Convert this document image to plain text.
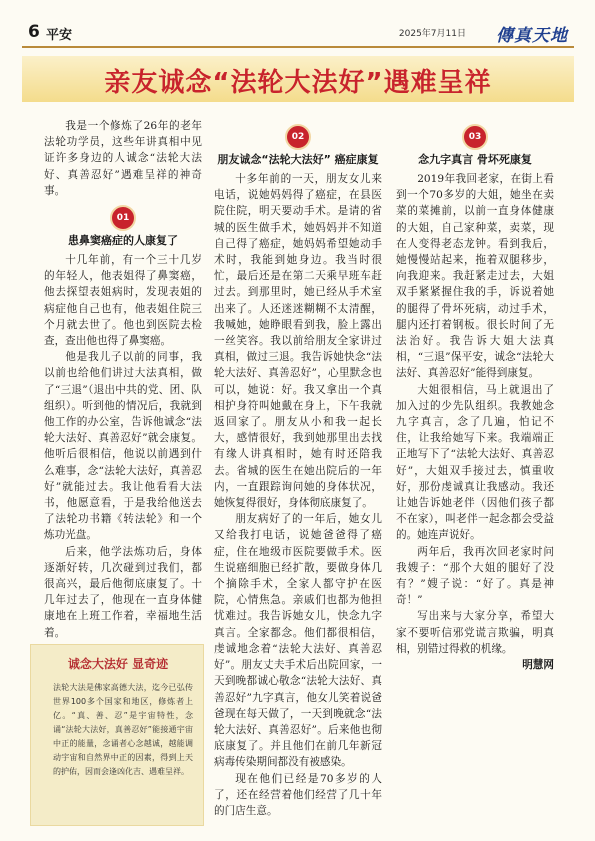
6 平安	2025年7月11日 傳真天地
亲友诚念“法轮大法好”遇难呈祥

我是一个修炼了26年的老年法轮功学员，这些年讲真相中见证许多身边的人诚念“法轮大法好、真善忍好”遇难呈祥的神奇事。

01
患鼻窦癌症的人康复了

十几年前，有一个三十几岁的年轻人，他表姐得了鼻窦癌，他去探望表姐病时，发现表姐的病症他自己也有，他表姐住院三个月就去世了。他也到医院去检查，查出他也得了鼻窦癌。

他是我儿子以前的同事，我以前也给他们讲过大法真相，做了“三退”（退出中共的党、团、队组织）。听到他的情况后，我就到他工作的办公室，告诉他诚念“法轮大法好、真善忍好”就会康复。他听后很相信，他说以前遇到什么难事，念“法轮大法好，真善忍好”就能过去。我让他看看大法书，他愿意看，于是我给他送去了法轮功书籍《转法轮》和一个炼功光盘。

后来，他学法炼功后，身体逐渐好转，几次碰到过我们，都很高兴，最后他彻底康复了。十几年过去了，他现在一直身体健康地在上班工作着，幸福地生活着。

02
朋友诚念“法轮大法好” 癌症康复

十多年前的一天，朋友女儿来电话，说她妈妈得了癌症，在县医院住院，明天要动手术。是请的省城的医生做手术，她妈妈并不知道自己得了癌症，她妈妈希望她动手术时，我能到她身边。我当时很忙，最后还是在第二天乘早班车赶过去。到那里时，她已经从手术室出来了。人还迷迷糊糊不太清醒，我喊她，她睁眼看到我，脸上露出一丝笑容。我以前给朋友全家讲过真相，做过三退。我告诉她快念“法轮大法好、真善忍好”，心里默念也可以，她说：好。我又拿出一个真相护身符叫她戴在身上，下午我就返回家了。朋友从小和我一起长大，感情很好，我到她那里出去找有缘人讲真相时，她有时还陪我去。省城的医生在她出院后的一年内，一直跟踪询问她的身体状况，她恢复得很好，身体彻底康复了。

朋友病好了的一年后，她女儿又给我打电话，说她爸爸得了癌症，住在地级市医院要做手术。医生说癌细胞已经扩散，要做身体几个摘除手术，全家人都守护在医院，心情焦急。亲戚们也都为他担忧难过。我告诉她女儿，快念九字真言。全家都念。他们都很相信，虔诚地念着“法轮大法好、真善忍好”。朋友丈夫手术后出院回家，一天到晚都诚心敬念“法轮大法好、真善忍好”九字真言，他女儿笑着说爸爸现在每天做了，一天到晚就念“法轮大法好、真善忍好”。后来他也彻底康复了。并且他们在前几年新冠病毒传染期间都没有被感染。

现在他们已经是70多岁的人了，还在经营着他们经营了几十年的门店生意。

03
念九字真言 骨坏死康复

2019年我回老家，在街上看到一个70多岁的大姐，她坐在卖菜的菜摊前，以前一直身体健康的大姐，自己家种菜，卖菜，现在人变得老态龙钟。看到我后，她慢慢站起来，拖着双腿移步，向我迎来。我赶紧走过去，大姐双手紧紧握住我的手，诉说着她的腿得了骨坏死病，动过手术，腿内还打着钢板。很长时间了无法治好。我告诉大姐大法真相，“三退”保平安，诚念“法轮大法好、真善忍好”能得到康复。

大姐很相信，马上就退出了加入过的少先队组织。我教她念九字真言，念了几遍，怕记不住，让我给她写下来。我端端正正地写下了“法轮大法好、真善忍好”，大姐双手接过去，慎重收好，那份虔诚真让我感动。我还让她告诉她老伴（因他们孩子都不在家），叫老伴一起念都会受益的。她连声说好。

两年后，我再次回老家时问我嫂子：“那个大姐的腿好了没有？”嫂子说：“好了。真是神奇！”

写出来与大家分享，希望大家不要听信邪党谎言欺骗，明真相，别错过得救的机缘。
明慧网

诚念大法好 显奇迹
法轮大法是佛家高德大法，迄今已弘传世界100多个国家和地区，修炼者上亿。“真、善、忍”是宇宙特性，念诵“法轮大法好，真善忍好”能接通宇宙中正的能量，念诵者心念越诚，越能调动宇宙和自然界中正的因素，得到上天的护佑，因而会逢凶化吉、遇难呈祥。
